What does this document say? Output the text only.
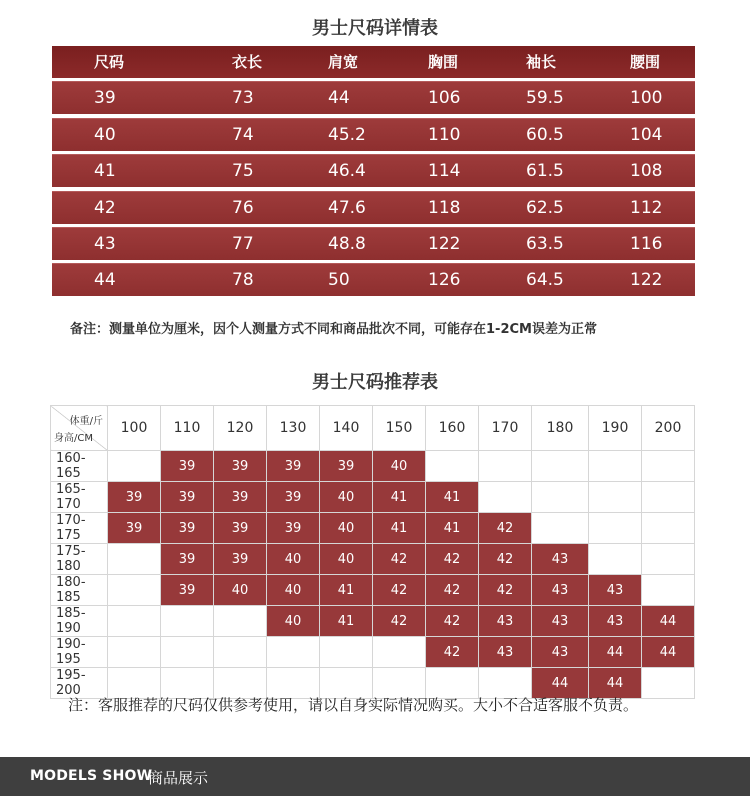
男士尺码详情表
尺码	衣长	肩宽	胸围	袖长	腰围
39	73	44	106	59.5	100
40	74	45.2	110	60.5	104
41	75	46.4	114	61.5	108
42	76	47.6	118	62.5	112
43	77	48.8	122	63.5	116
44	78	50	126	64.5	122
备注：测量单位为厘米，因个人测量方式不同和商品批次不同，可能存在1-2CM误差为正常
男士尺码推荐表
体重/斤
身高/CM	100	110	120	130	140	150	160	170	180	190	200
160-165		39	39	39	39	40					
165-170	39	39	39	39	40	41	41				
170-175	39	39	39	39	40	41	41	42			
175-180		39	39	40	40	42	42	42	43		
180-185		39	40	40	41	42	42	42	43	43	
185-190				40	41	42	42	43	43	43	44
190-195							42	43	43	44	44
195-200									44	44	
注：客服推荐的尺码仅供参考使用，请以自身实际情况购买。大小不合适客服不负责。
MODELS SHOW
商品展示
